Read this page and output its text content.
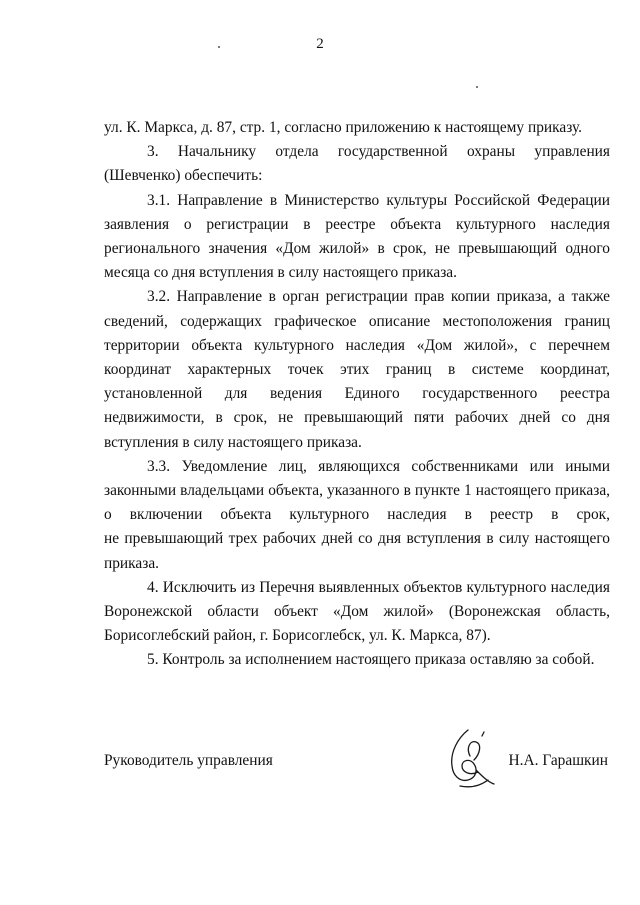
2
ул. К. Маркса, д. 87, стр. 1, согласно приложению к настоящему приказу.
3. Начальнику отдела государственной охраны управления
(Шевченко) обеспечить:
3.1. Направление в Министерство культуры Российской Федерации
заявления о регистрации в реестре объекта культурного наследия
регионального значения «Дом жилой» в срок, не превышающий одного
месяца со дня вступления в силу настоящего приказа.
3.2. Направление в орган регистрации прав копии приказа, а также
сведений, содержащих графическое описание местоположения границ
территории объекта культурного наследия «Дом жилой», с перечнем
координат характерных точек этих границ в системе координат,
установленной для ведения Единого государственного реестра
недвижимости, в срок, не превышающий пяти рабочих дней со дня
вступления в силу настоящего приказа.
3.3. Уведомление лиц, являющихся собственниками или иными
законными владельцами объекта, указанного в пункте 1 настоящего приказа,
о включении объекта культурного наследия в реестр в срок,
не превышающий трех рабочих дней со дня вступления в силу настоящего
приказа.
4. Исключить из Перечня выявленных объектов культурного наследия
Воронежской области объект «Дом жилой» (Воронежская область,
Борисоглебский район, г. Борисоглебск, ул. К. Маркса, 87).
5. Контроль за исполнением настоящего приказа оставляю за собой.
Руководитель управления	Н.А. Гарашкин
